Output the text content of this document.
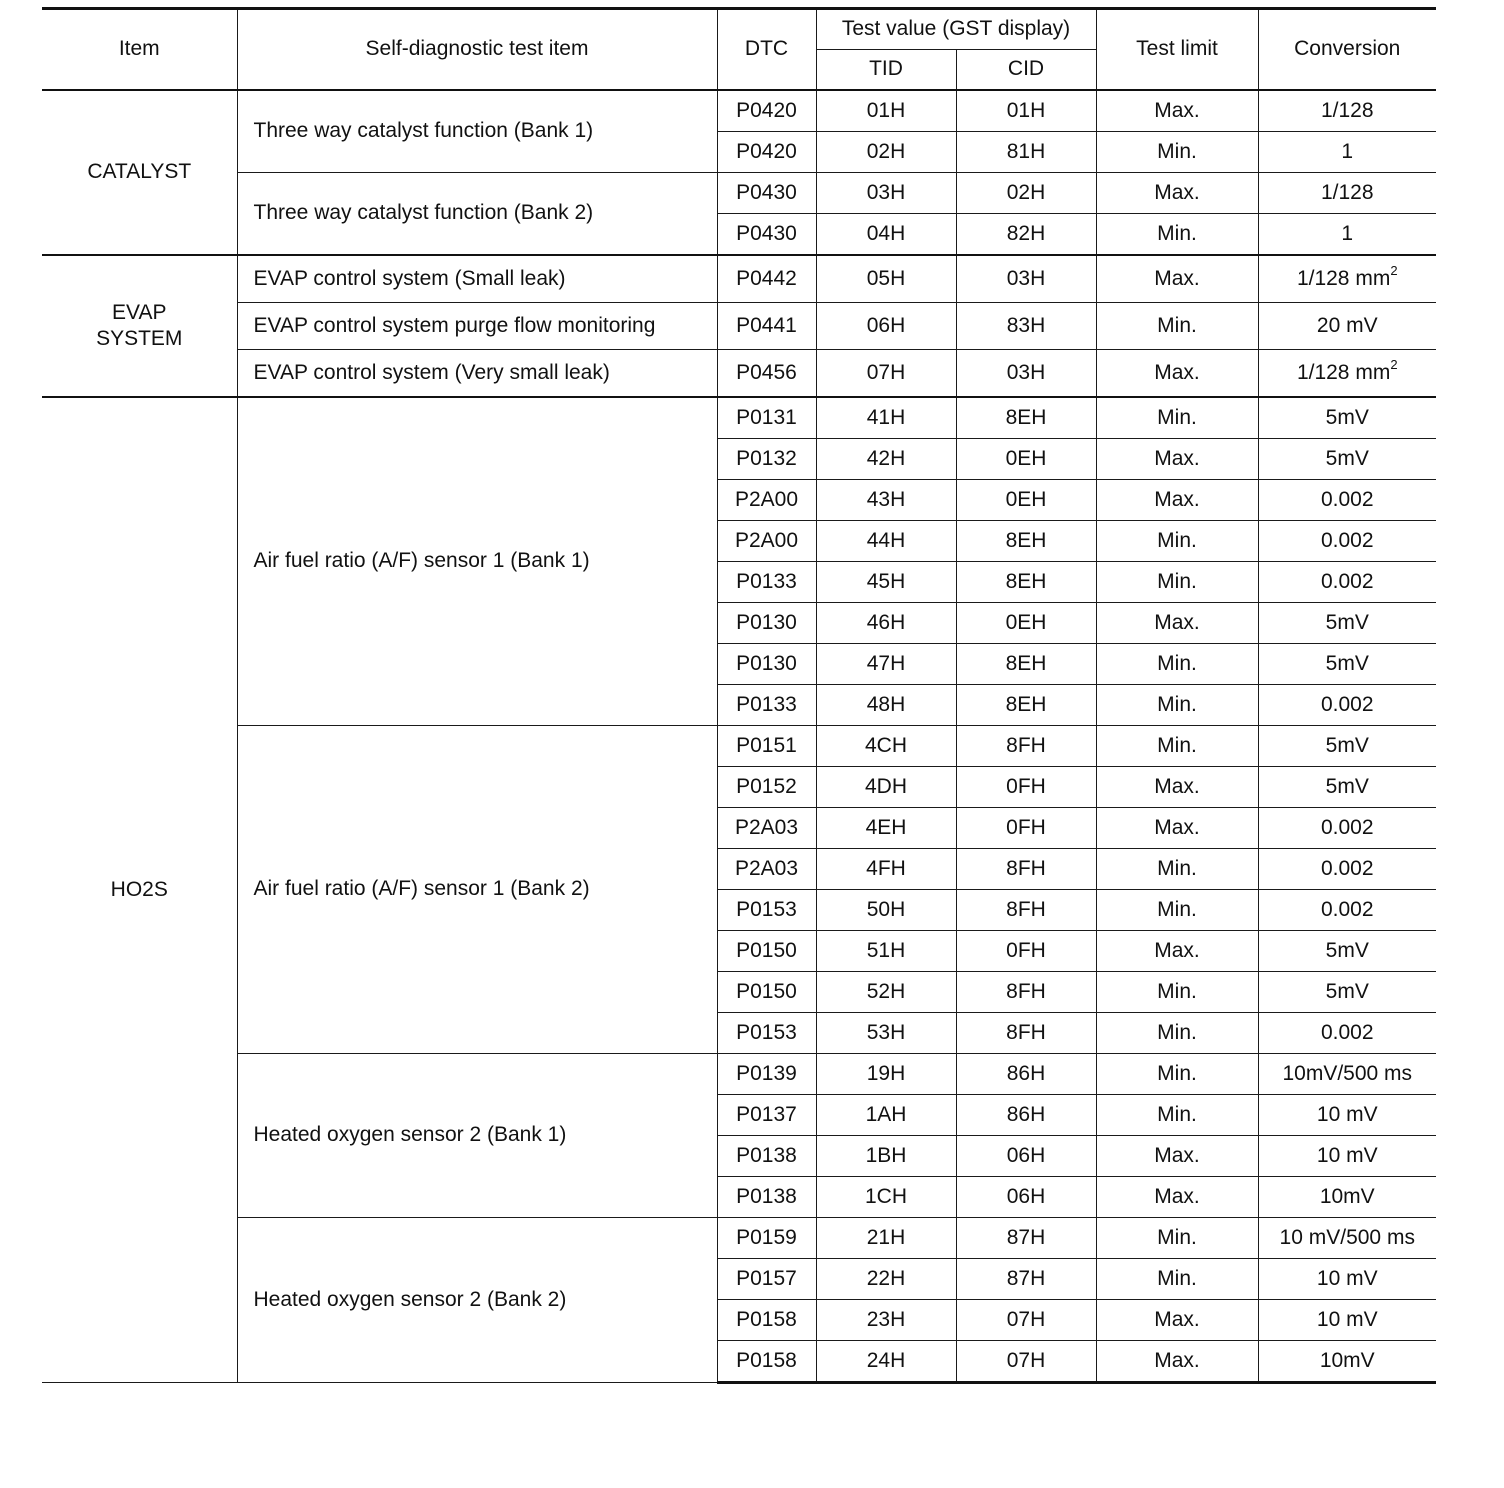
Item	Self-diagnostic test item	DTC	Test value (GST display)		Test limit	Conversion
			TID	CID		
CATALYST	Three way catalyst function (Bank 1)	P0420	01H	01H	Max.	1/128
		P0420	02H	81H	Min.	1
	Three way catalyst function (Bank 2)	P0430	03H	02H	Max.	1/128
		P0430	04H	82H	Min.	1
EVAP
SYSTEM	EVAP control system (Small leak)	P0442	05H	03H	Max.	1/128 $mm^2$
	EVAP control system purge flow monitoring	P0441	06H	83H	Min.	20 mV
	EVAP control system (Very small leak)	P0456	07H	03H	Max.	1/128 $mm^2$
HO2S	Air fuel ratio (A/F) sensor 1 (Bank 1)	P0131	41H	8EH	Min.	5mV
		P0132	42H	0EH	Max.	5mV
		P2A00	43H	0EH	Max.	0.002
		P2A00	44H	8EH	Min.	0.002
		P0133	45H	8EH	Min.	0.002
		P0130	46H	0EH	Max.	5mV
		P0130	47H	8EH	Min.	5mV
		P0133	48H	8EH	Min.	0.002
	Air fuel ratio (A/F) sensor 1 (Bank 2)	P0151	4CH	8FH	Min.	5mV
		P0152	4DH	0FH	Max.	5mV
		P2A03	4EH	0FH	Max.	0.002
		P2A03	4FH	8FH	Min.	0.002
		P0153	50H	8FH	Min.	0.002
		P0150	51H	0FH	Max.	5mV
		P0150	52H	8FH	Min.	5mV
		P0153	53H	8FH	Min.	0.002
	Heated oxygen sensor 2 (Bank 1)	P0139	19H	86H	Min.	10mV/500 ms
		P0137	1AH	86H	Min.	10 mV
		P0138	1BH	06H	Max.	10 mV
		P0138	1CH	06H	Max.	10mV
	Heated oxygen sensor 2 (Bank 2)	P0159	21H	87H	Min.	10 mV/500 ms
		P0157	22H	87H	Min.	10 mV
		P0158	23H	07H	Max.	10 mV
		P0158	24H	07H	Max.	10mV
